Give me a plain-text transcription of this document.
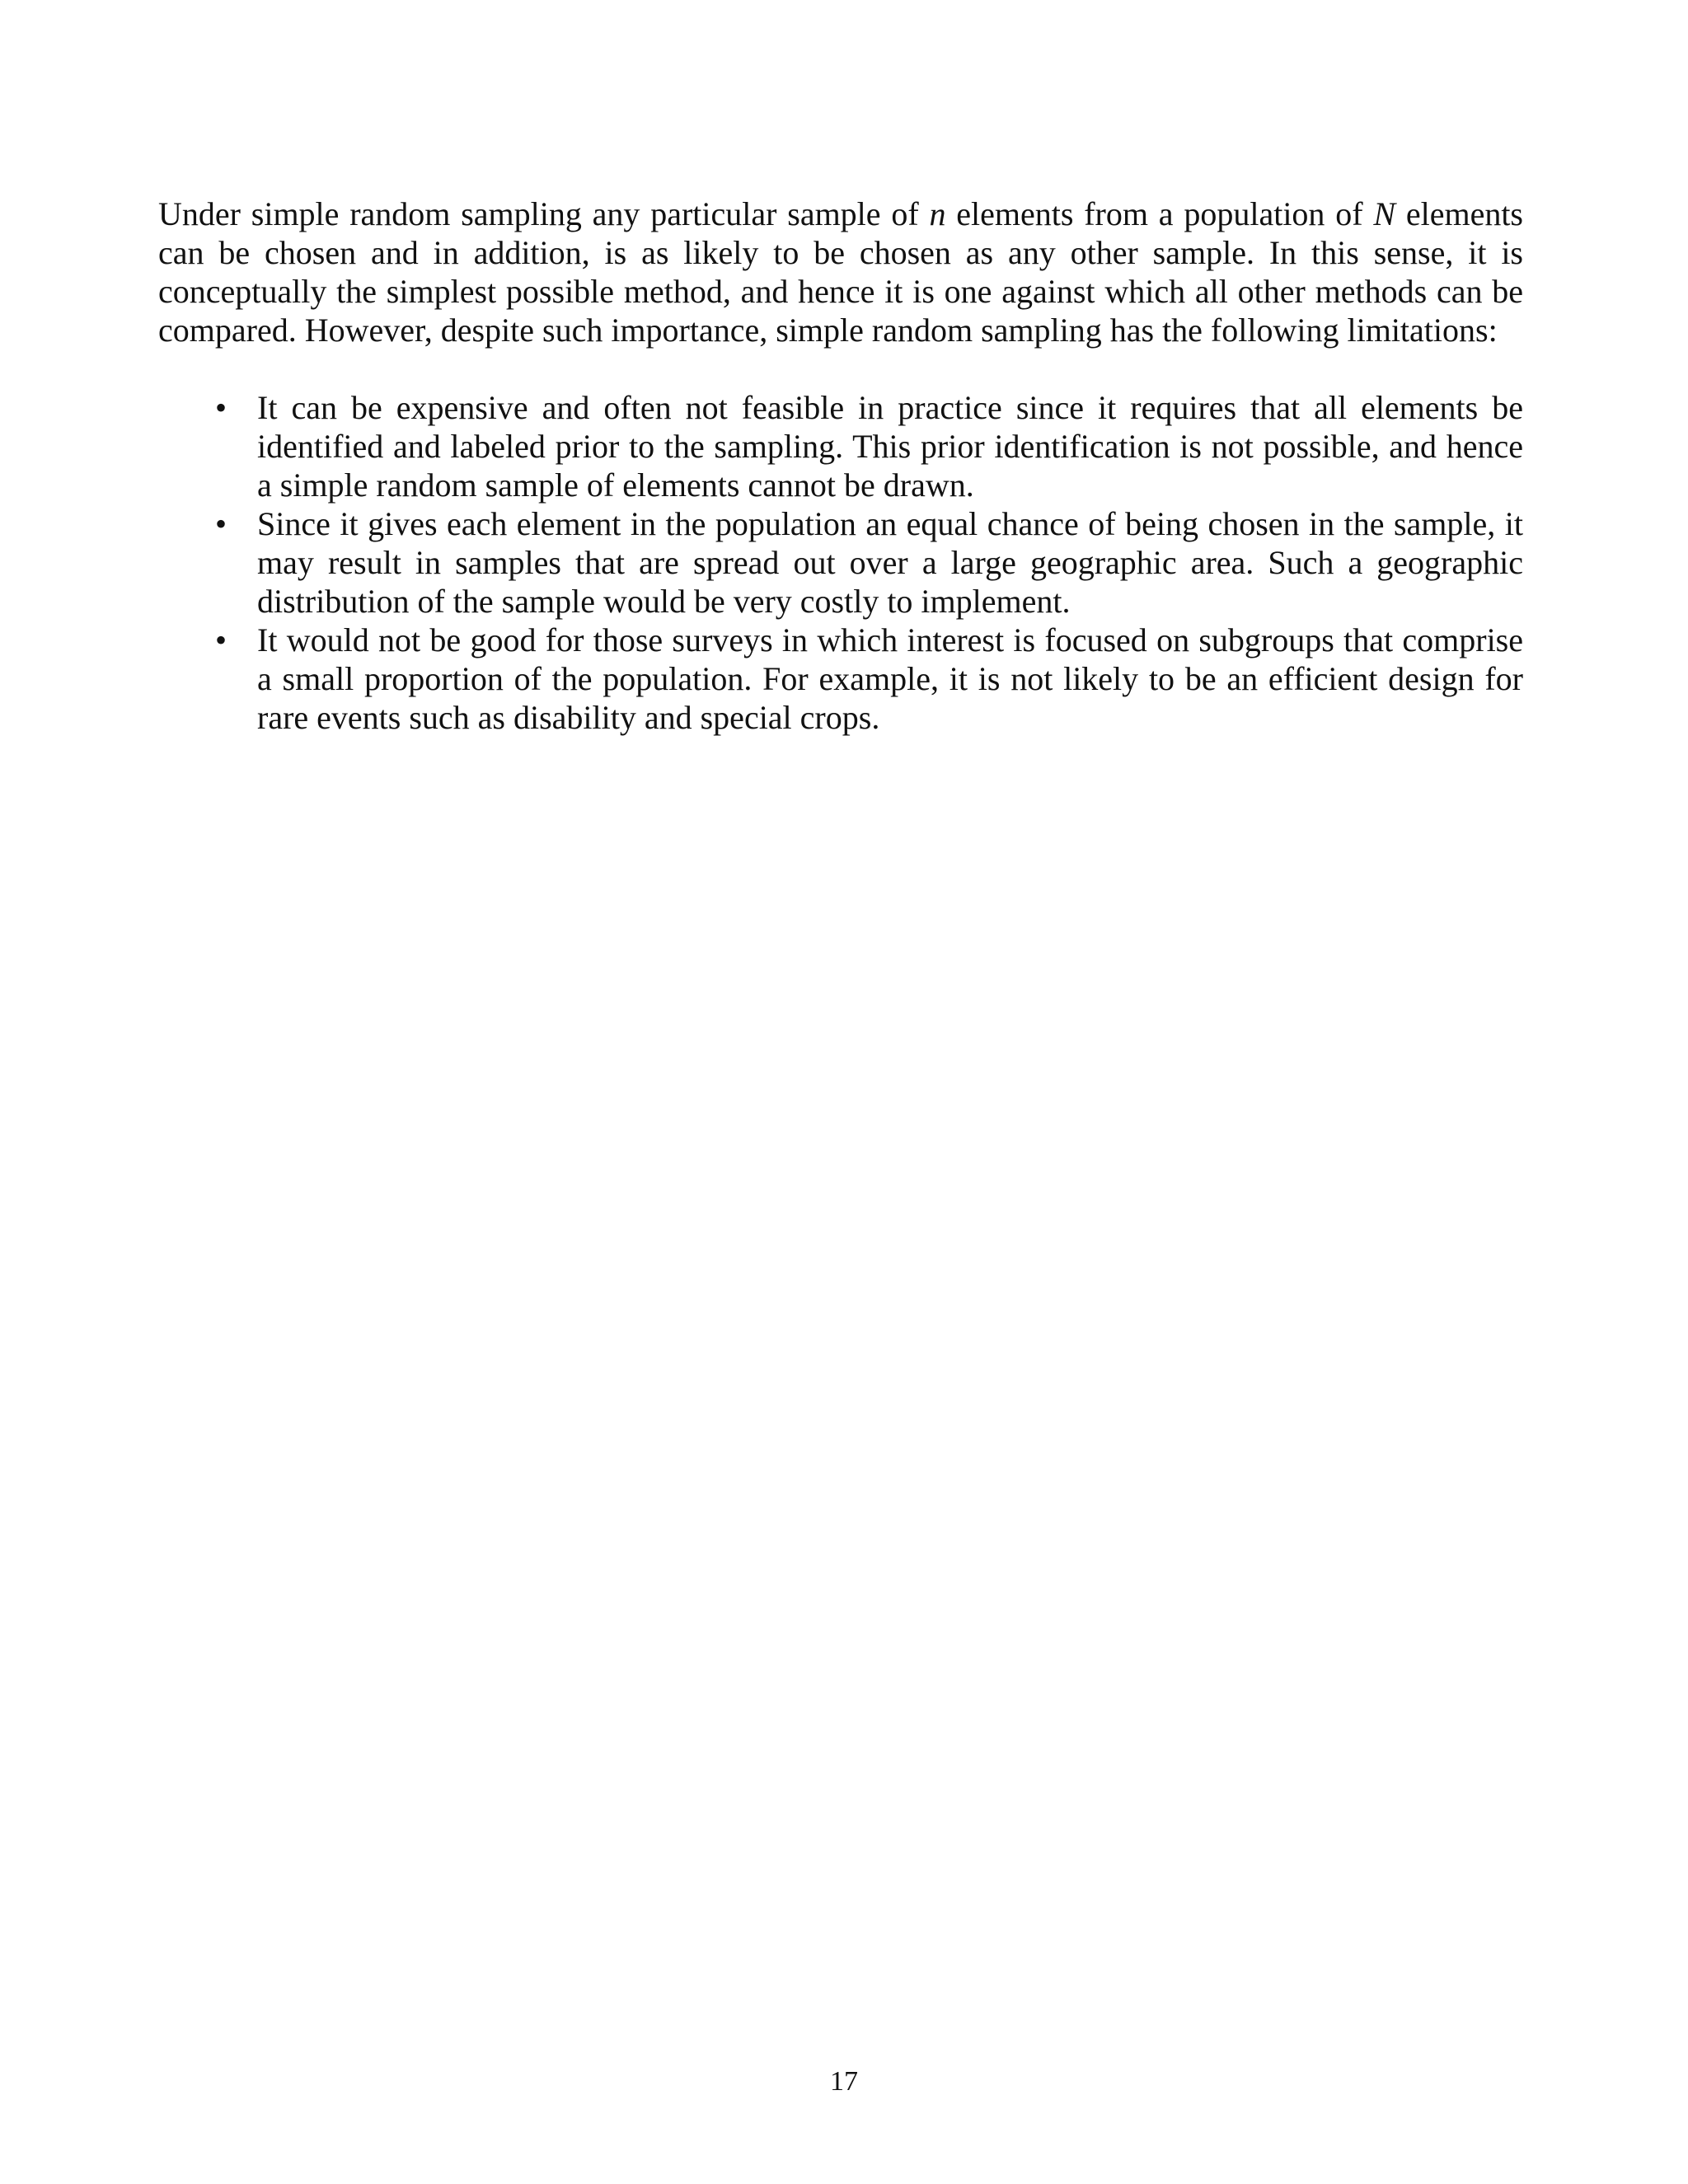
Under simple random sampling any particular sample of n elements from a population of N elements can be chosen and in addition, is as likely to be chosen as any other sample. In this sense, it is conceptually the simplest possible method, and hence it is one against which all other methods can be compared. However, despite such importance, simple random sampling has the following limitations:

• It can be expensive and often not feasible in practice since it requires that all elements be identified and labeled prior to the sampling. This prior identification is not possible, and hence a simple random sample of elements cannot be drawn.
• Since it gives each element in the population an equal chance of being chosen in the sample, it may result in samples that are spread out over a large geographic area. Such a geographic distribution of the sample would be very costly to implement.
• It would not be good for those surveys in which interest is focused on subgroups that comprise a small proportion of the population. For example, it is not likely to be an efficient design for rare events such as disability and special crops.
17
